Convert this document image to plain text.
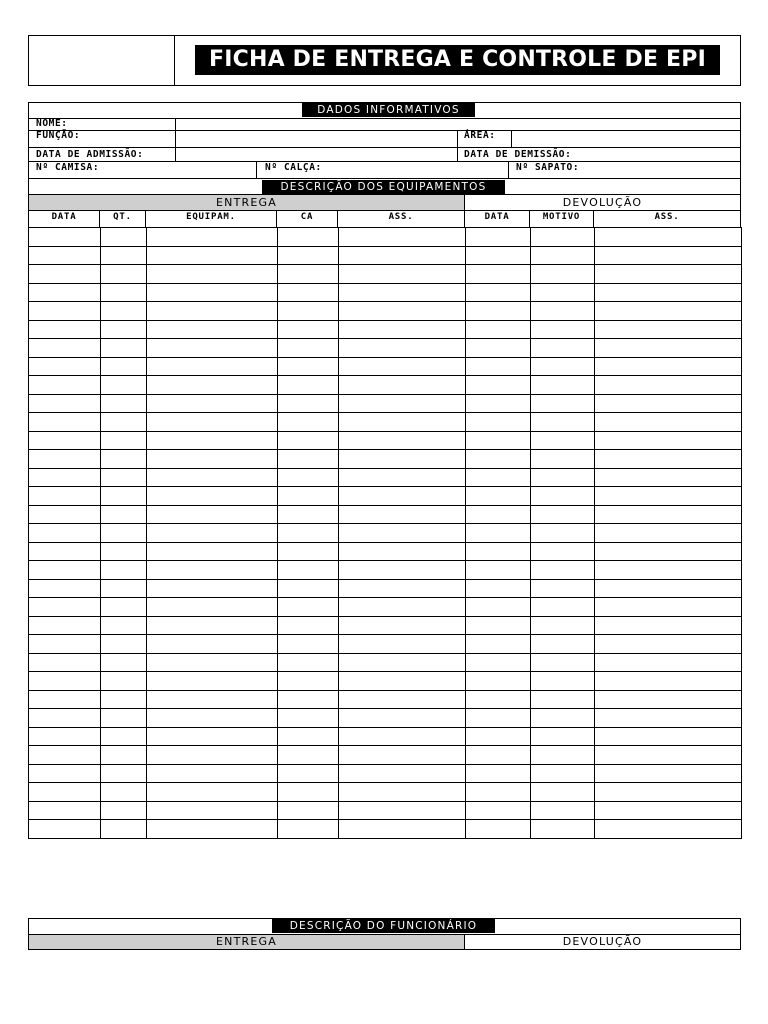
FICHA DE ENTREGA E CONTROLE DE EPI
DADOS INFORMATIVOS
NOME:
FUNÇÃO:	ÁREA:
DATA DE ADMISSÃO:	DATA DE DEMISSÃO:
Nº CAMISA:	Nº CALÇA:	Nº SAPATO:
DESCRIÇÃO DOS EQUIPAMENTOS
ENTREGA	DEVOLUÇÃO
DATA	QT.	EQUIPAM.	CA	ASS.	DATA	MOTIVO	ASS.

DESCRIÇÃO DO FUNCIONÁRIO
ENTREGA	DEVOLUÇÃO
